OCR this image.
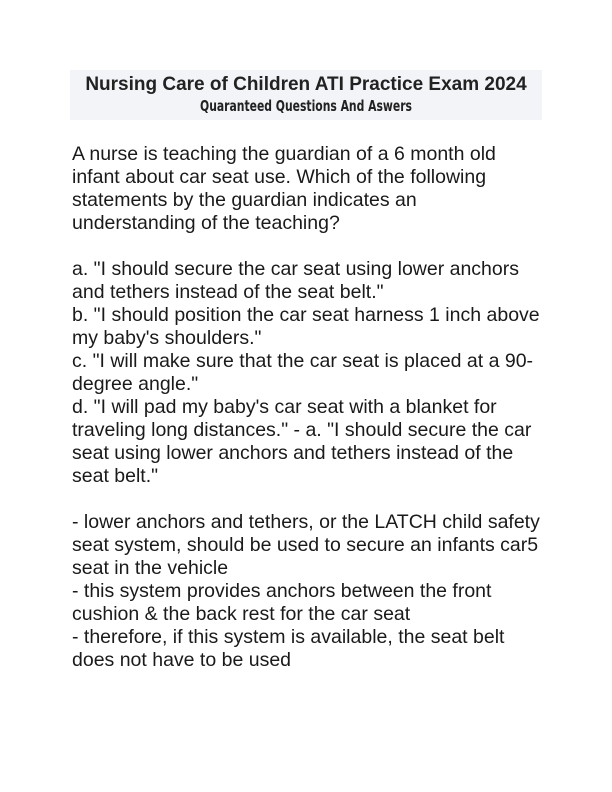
Nursing Care of Children ATI Practice Exam 2024

Quaranteed Questions And Aswers

A nurse is teaching the guardian of a 6 month old infant about car seat use. Which of the following statements by the guardian indicates an understanding of the teaching?

a. "I should secure the car seat using lower anchors and tethers instead of the seat belt."

b. "I should position the car seat harness 1 inch above my baby's shoulders."

c. "I will make sure that the car seat is placed at a 90-degree angle."

d. "I will pad my baby's car seat with a blanket for traveling long distances." - a. "I should secure the car seat using lower anchors and tethers instead of the seat belt."

- lower anchors and tethers, or the LATCH child safety seat system, should be used to secure an infants car5 seat in the vehicle

- this system provides anchors between the front cushion & the back rest for the car seat

- therefore, if this system is available, the seat belt does not have to be used
